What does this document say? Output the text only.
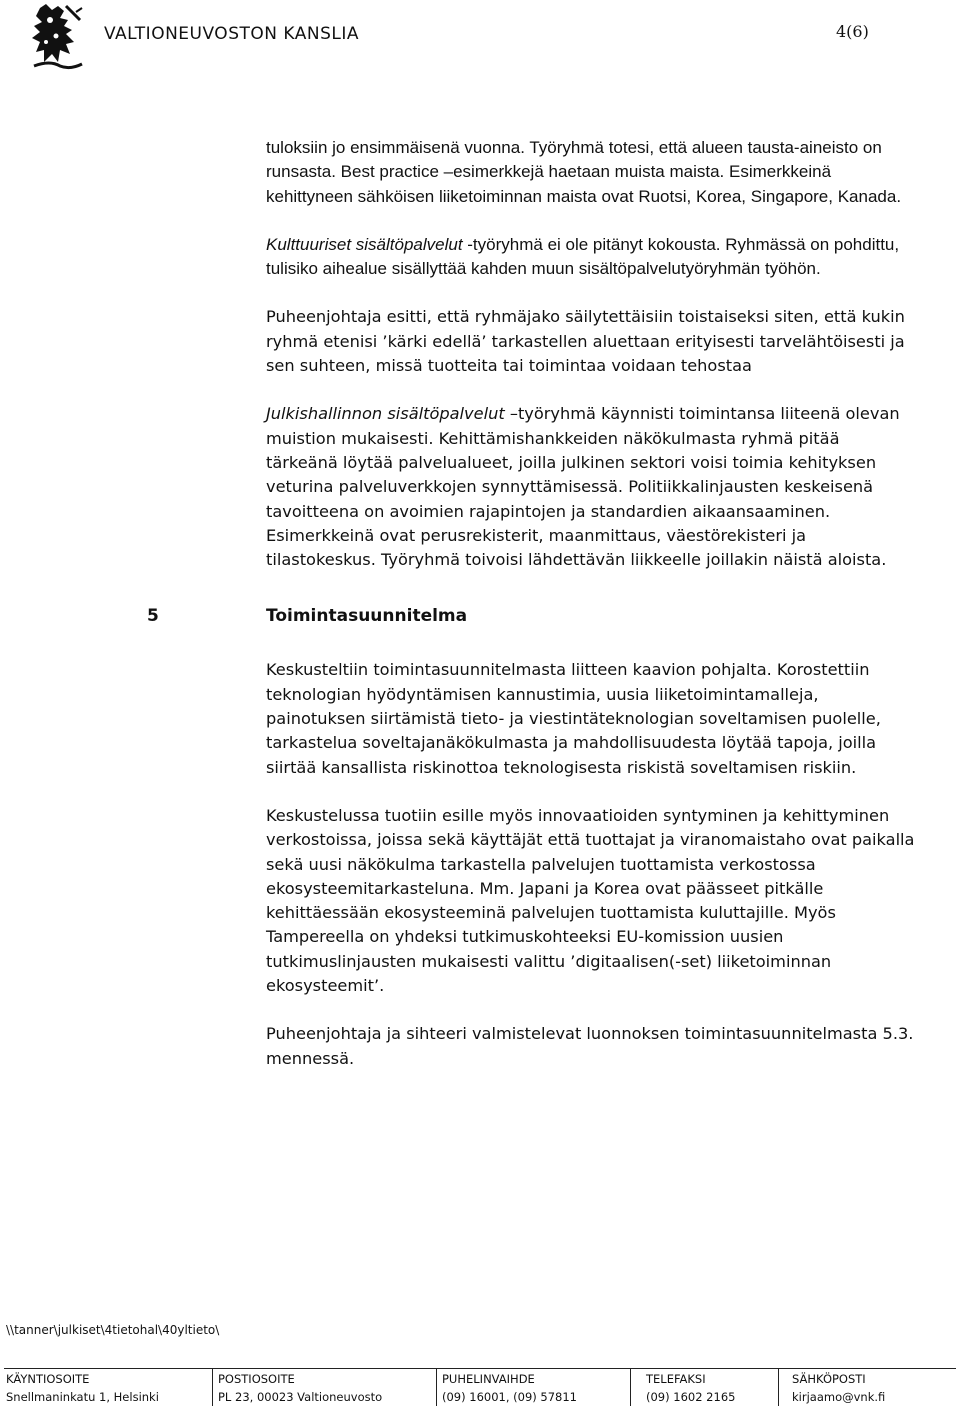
VALTIONEUVOSTON KANSLIA	4(6)

tuloksiin jo ensimmäisenä vuonna. Työryhmä totesi, että alueen tausta-aineisto on runsasta. Best practice –esimerkkejä haetaan muista maista. Esimerkkeinä kehittyneen sähköisen liiketoiminnan maista ovat Ruotsi, Korea, Singapore, Kanada.

Kulttuuriset sisältöpalvelut -työryhmä ei ole pitänyt kokousta. Ryhmässä on pohdittu, tulisiko aihealue sisällyttää kahden muun sisältöpalvelutyöryhmän työhön.

Puheenjohtaja esitti, että ryhmäjako säilytettäisiin toistaiseksi siten, että kukin ryhmä etenisi ’kärki edellä’ tarkastellen aluettaan erityisesti tarvelähtöisesti ja sen suhteen, missä tuotteita tai toimintaa voidaan tehostaa

Julkishallinnon sisältöpalvelut –työryhmä käynnisti toimintansa liiteenä olevan muistion mukaisesti. Kehittämishankkeiden näkökulmasta ryhmä pitää tärkeänä löytää palvelualueet, joilla julkinen sektori voisi toimia kehityksen veturina palveluverkkojen synnyttämisessä. Politiikkalinjausten keskeisenä tavoitteena on avoimien rajapintojen ja standardien aikaansaaminen. Esimerkkeinä ovat perusrekisterit, maanmittaus, väestörekisteri ja tilastokeskus. Työryhmä toivoisi lähdettävän liikkeelle joillakin näistä aloista.

5	Toimintasuunnitelma

Keskusteltiin toimintasuunnitelmasta liitteen kaavion pohjalta. Korostettiin teknologian hyödyntämisen kannustimia, uusia liiketoimintamalleja, painotuksen siirtämistä tieto- ja viestintäteknologian soveltamisen puolelle, tarkastelua soveltajanäkökulmasta ja mahdollisuudesta löytää tapoja, joilla siirtää kansallista riskinottoa teknologisesta riskistä soveltamisen riskiin.

Keskustelussa tuotiin esille myös innovaatioiden syntyminen ja kehittyminen verkostoissa, joissa sekä käyttäjät että tuottajat ja viranomaistaho ovat paikalla sekä uusi näkökulma tarkastella palvelujen tuottamista verkostossa ekosysteemitarkasteluna. Mm. Japani ja Korea ovat päässeet pitkälle kehittäessään ekosysteeminä palvelujen tuottamista kuluttajille. Myös Tampereella on yhdeksi tutkimuskohteeksi EU-komission uusien tutkimuslinjausten mukaisesti valittu ’digitaalisen(-set) liiketoiminnan ekosysteemit’.

Puheenjohtaja ja sihteeri valmistelevat luonnoksen toimintasuunnitelmasta 5.3. mennessä.

\\tanner\julkiset\4tietohal\40yltieto\
KÄYNTIOSOITE
Snellmaninkatu 1, Helsinki
POSTIOSOITE
PL 23, 00023 Valtioneuvosto
PUHELINVAIHDE
(09) 16001, (09) 57811
TELEFAKSI
(09) 1602 2165
SÄHKÖPOSTI
kirjaamo@vnk.fi
